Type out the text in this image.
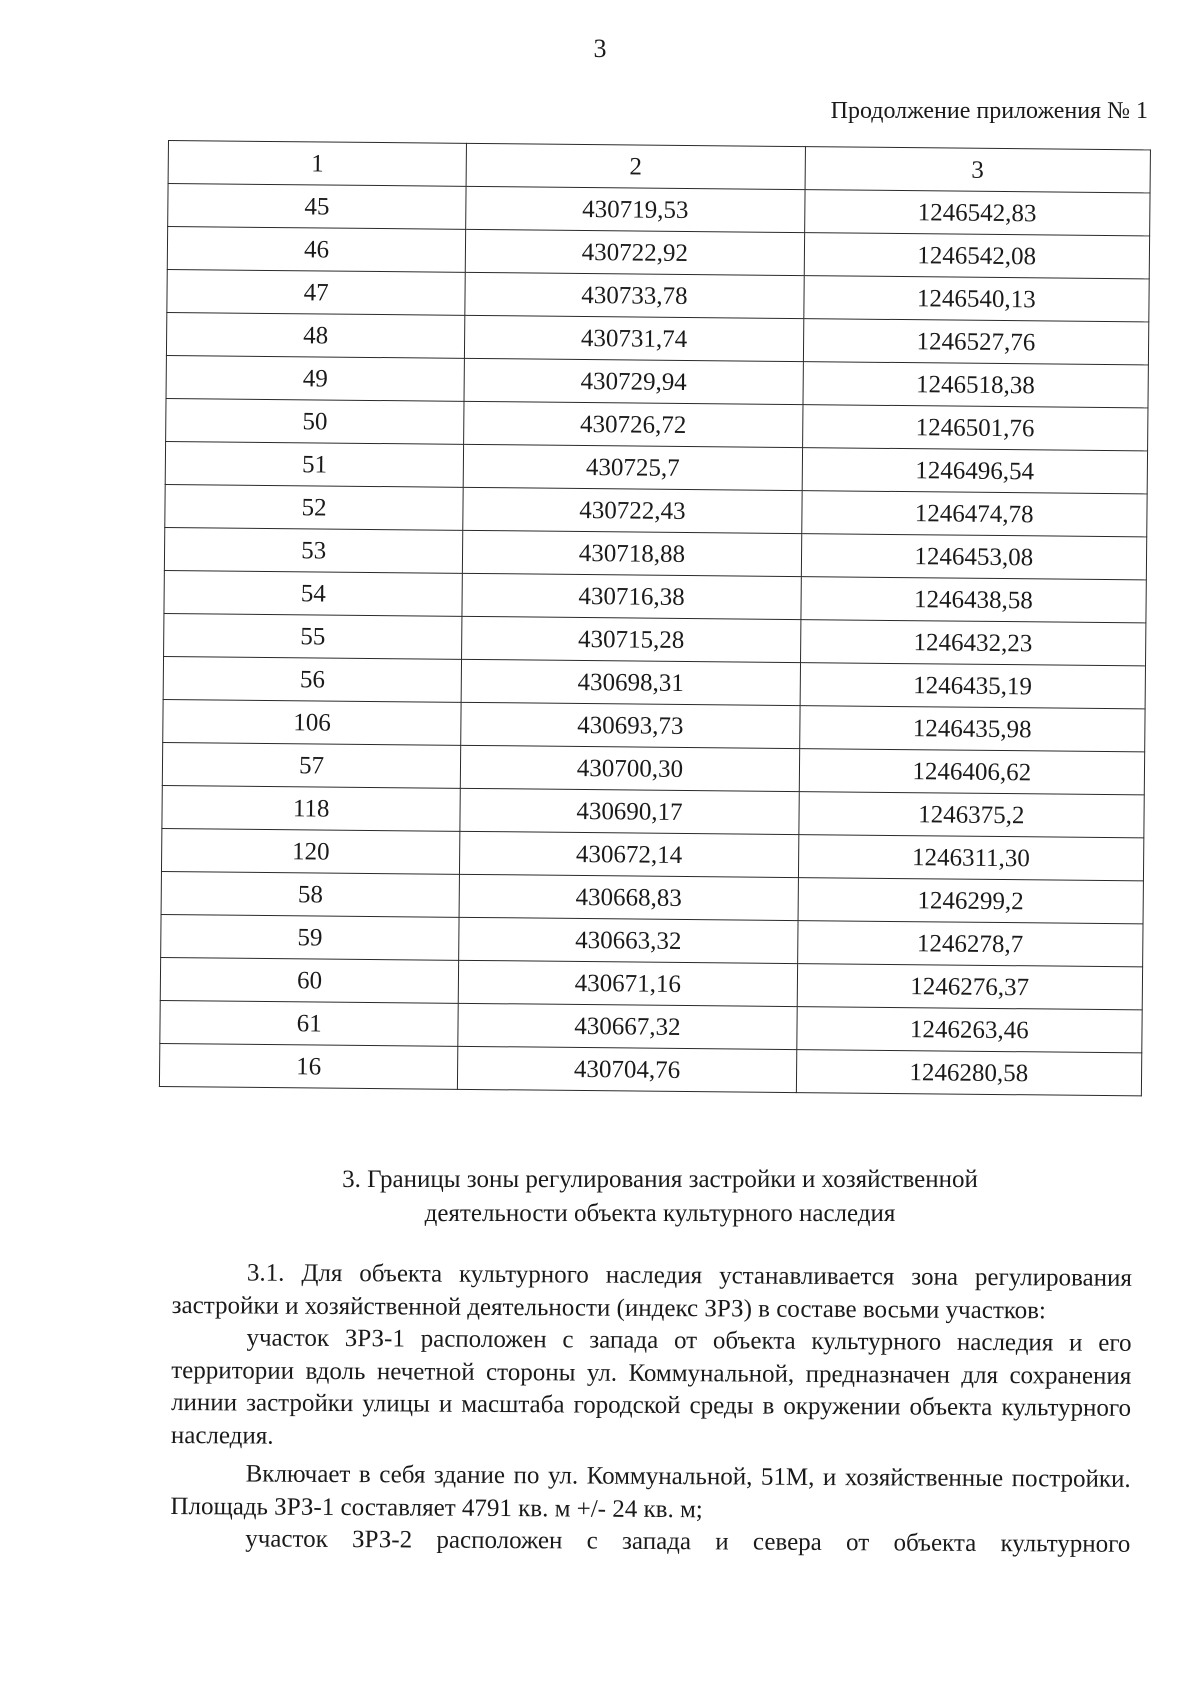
3
Продолжение приложения № 1
1	2	3
45	430719,53	1246542,83
46	430722,92	1246542,08
47	430733,78	1246540,13
48	430731,74	1246527,76
49	430729,94	1246518,38
50	430726,72	1246501,76
51	430725,7	1246496,54
52	430722,43	1246474,78
53	430718,88	1246453,08
54	430716,38	1246438,58
55	430715,28	1246432,23
56	430698,31	1246435,19
106	430693,73	1246435,98
57	430700,30	1246406,62
118	430690,17	1246375,2
120	430672,14	1246311,30
58	430668,83	1246299,2
59	430663,32	1246278,7
60	430671,16	1246276,37
61	430667,32	1246263,46
16	430704,76	1246280,58
3. Границы зоны регулирования застройки и хозяйственной
деятельности объекта культурного наследия

3.1. Для объекта культурного наследия устанавливается зона регулирования застройки и хозяйственной деятельности (индекс ЗРЗ) в составе восьми участков:

участок ЗРЗ-1 расположен с запада от объекта культурного наследия и его территории вдоль нечетной стороны ул. Коммунальной, предназначен для сохранения линии застройки улицы и масштаба городской среды в окружении объекта культурного наследия.

Включает в себя здание по ул. Коммунальной, 51М, и хозяйственные постройки. Площадь ЗРЗ-1 составляет 4791 кв. м +/- 24 кв. м;

участок ЗРЗ-2 расположен с запада и севера от объекта культурного
